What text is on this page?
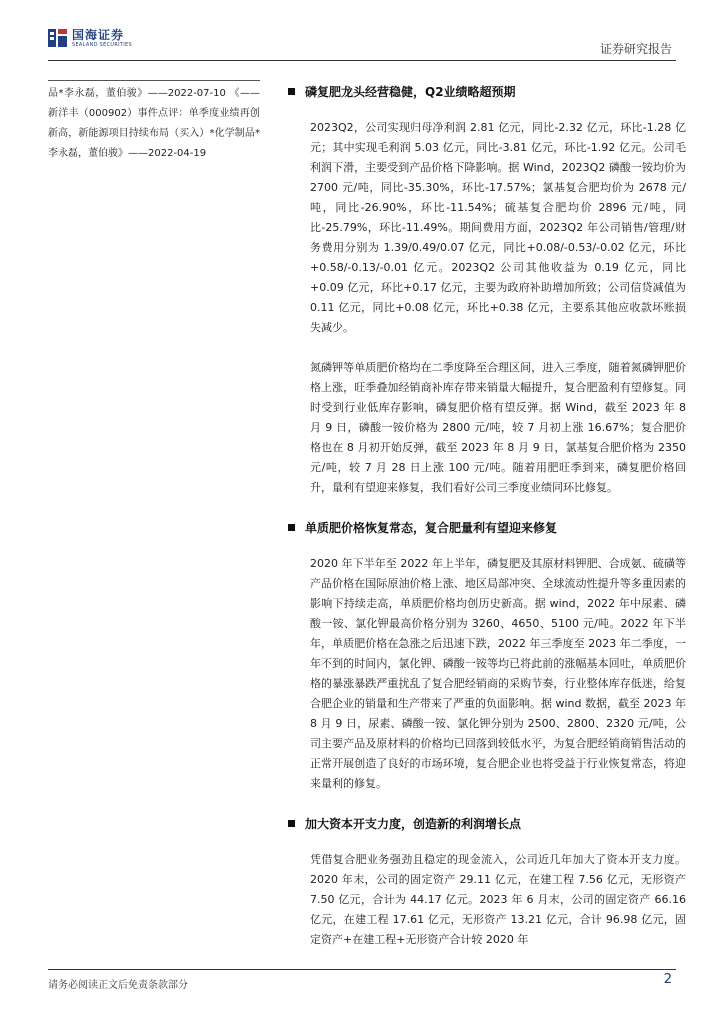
国海证券
SEALAND SECURITIES	证券研究报告
品*李永磊，董伯骏》——2022-07-10 《——新洋丰（000902）事件点评：单季度业绩再创新高，新能源项目持续布局（买入）*化学制品*李永磊，董伯骏》——2022-04-19
磷复肥龙头经营稳健，Q2业绩略超预期

2023Q2，公司实现归母净利润 2.81 亿元，同比-2.32 亿元，环比-1.28 亿元；其中实现毛利润 5.03 亿元，同比-3.81 亿元，环比-1.92 亿元。公司毛利润下滑，主要受到产品价格下降影响。据 Wind，2023Q2 磷酸一铵均价为 2700 元/吨，同比-35.30%，环比-17.57%；氯基复合肥均价为 2678 元/吨，同比-26.90%，环比-11.54%；硫基复合肥均价 2896 元/吨，同比-25.79%，环比-11.49%。期间费用方面，2023Q2 年公司销售/管理/财务费用分别为 1.39/0.49/0.07 亿元，同比+0.08/-0.53/-0.02 亿元，环比+0.58/-0.13/-0.01 亿元。2023Q2 公司其他收益为 0.19 亿元，同比+0.09 亿元，环比+0.17 亿元，主要为政府补助增加所致；公司信贷减值为 0.11 亿元，同比+0.08 亿元，环比+0.38 亿元，主要系其他应收款坏账损失减少。

氮磷钾等单质肥价格均在二季度降至合理区间，进入三季度，随着氮磷钾肥价格上涨，旺季叠加经销商补库存带来销量大幅提升，复合肥盈利有望修复。同时受到行业低库存影响，磷复肥价格有望反弹。据 Wind，截至 2023 年 8 月 9 日，磷酸一铵价格为 2800 元/吨，较 7 月初上涨 16.67%；复合肥价格也在 8 月初开始反弹，截至 2023 年 8 月 9 日，氯基复合肥价格为 2350 元/吨，较 7 月 28 日上涨 100 元/吨。随着用肥旺季到来，磷复肥价格回升，量利有望迎来修复，我们看好公司三季度业绩同环比修复。

单质肥价格恢复常态，复合肥量利有望迎来修复

2020 年下半年至 2022 年上半年，磷复肥及其原材料钾肥、合成氨、硫磺等产品价格在国际原油价格上涨、地区局部冲突、全球流动性提升等多重因素的影响下持续走高，单质肥价格均创历史新高。据 wind，2022 年中尿素、磷酸一铵、氯化钾最高价格分别为 3260、4650、5100 元/吨。2022 年下半年，单质肥价格在急涨之后迅速下跌，2022 年三季度至 2023 年二季度，一年不到的时间内，氯化钾、磷酸一铵等均已将此前的涨幅基本回吐，单质肥价格的暴涨暴跌严重扰乱了复合肥经销商的采购节奏，行业整体库存低迷，给复合肥企业的销量和生产带来了严重的负面影响。据 wind 数据，截至 2023 年 8 月 9 日，尿素、磷酸一铵、氯化钾分别为 2500、2800、2320 元/吨，公司主要产品及原材料的价格均已回落到较低水平，为复合肥经销商销售活动的正常开展创造了良好的市场环境，复合肥企业也将受益于行业恢复常态，将迎来量利的修复。

加大资本开支力度，创造新的利润增长点

凭借复合肥业务强劲且稳定的现金流入，公司近几年加大了资本开支力度。2020 年末，公司的固定资产 29.11 亿元，在建工程 7.56 亿元，无形资产 7.50 亿元，合计为 44.17 亿元。2023 年 6 月末，公司的固定资产 66.16 亿元，在建工程 17.61 亿元，无形资产 13.21 亿元，合计 96.98 亿元，固定资产+在建工程+无形资产合计较 2020 年

请务必阅读正文后免责条款部分	2
